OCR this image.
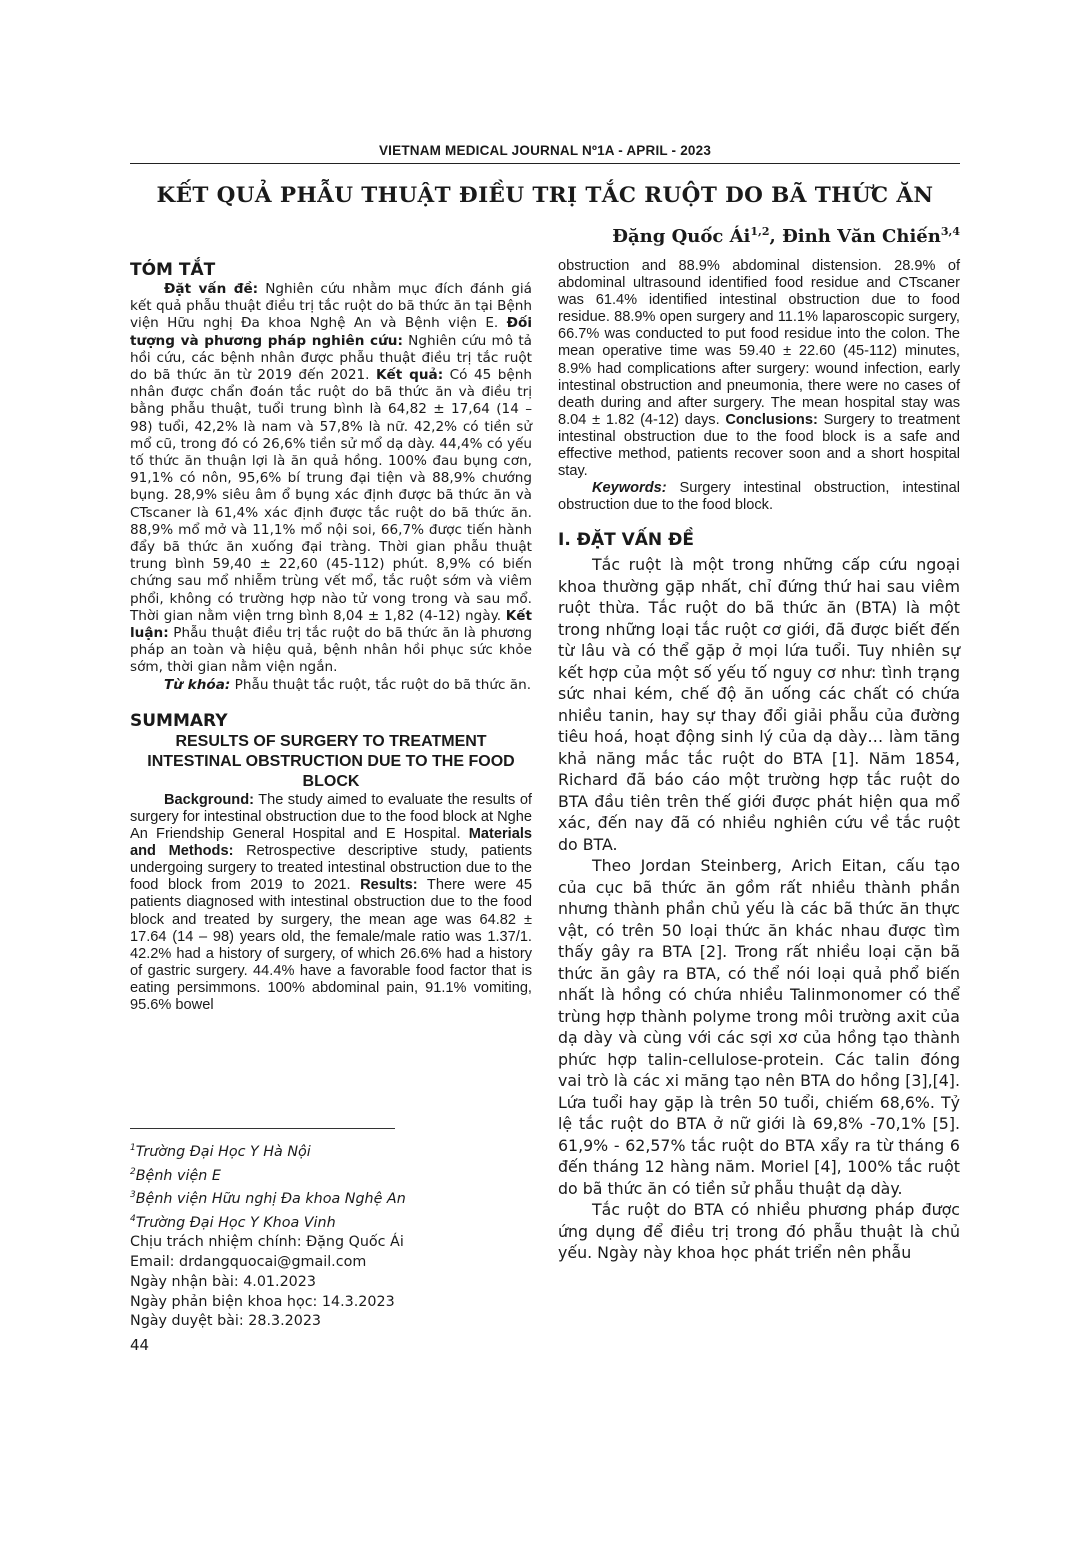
VIETNAM MEDICAL JOURNAL Nº1A - APRIL - 2023
KẾT QUẢ PHẪU THUẬT ĐIỀU TRỊ TẮC RUỘT DO BÃ THỨC ĂN
Đặng Quốc Ái$^{1,2}$, Đinh Văn Chiến$^{3,4}$
TÓM TẮT

Đặt vấn đề: Nghiên cứu nhằm mục đích đánh giá kết quả phẫu thuật điều trị tắc ruột do bã thức ăn tại Bệnh viện Hữu nghị Đa khoa Nghệ An và Bệnh viện E. Đối tượng và phương pháp nghiên cứu: Nghiên cứu mô tả hồi cứu, các bệnh nhân được phẫu thuật điều trị tắc ruột do bã thức ăn từ 2019 đến 2021. Kết quả: Có 45 bệnh nhân được chẩn đoán tắc ruột do bã thức ăn và điều trị bằng phẫu thuật, tuổi trung bình là 64,82 ± 17,64 (14 – 98) tuổi, 42,2% là nam và 57,8% là nữ. 42,2% có tiền sử mổ cũ, trong đó có 26,6% tiền sử mổ dạ dày. 44,4% có yếu tố thức ăn thuận lợi là ăn quả hồng. 100% đau bụng cơn, 91,1% có nôn, 95,6% bí trung đại tiện và 88,9% chướng bụng. 28,9% siêu âm ổ bụng xác định được bã thức ăn và CTscaner là 61,4% xác định được tắc ruột do bã thức ăn. 88,9% mổ mở và 11,1% mổ nội soi, 66,7% được tiến hành đẩy bã thức ăn xuống đại tràng. Thời gian phẫu thuật trung bình 59,40 ± 22,60 (45-112) phút. 8,9% có biến chứng sau mổ nhiễm trùng vết mổ, tắc ruột sớm và viêm phổi, không có trường hợp nào tử vong trong và sau mổ. Thời gian nằm viện trng bình 8,04 ± 1,82 (4-12) ngày. Kết luận: Phẫu thuật điều trị tắc ruột do bã thức ăn là phương pháp an toàn và hiệu quả, bệnh nhân hồi phục sức khỏe sớm, thời gian nằm viện ngắn.

Từ khóa: Phẫu thuật tắc ruột, tắc ruột do bã thức ăn.

SUMMARY

RESULTS OF SURGERY TO TREATMENT INTESTINAL OBSTRUCTION DUE TO THE FOOD BLOCK

Background: The study aimed to evaluate the results of surgery for intestinal obstruction due to the food block at Nghe An Friendship General Hospital and E Hospital. Materials and Methods: Retrospective descriptive study, patients undergoing surgery to treated intestinal obstruction due to the food block from 2019 to 2021. Results: There were 45 patients diagnosed with intestinal obstruction due to the food block and treated by surgery, the mean age was 64.82 ± 17.64 (14 – 98) years old, the female/male ratio was 1.37/1. 42.2% had a history of surgery, of which 26.6% had a history of gastric surgery. 44.4% have a favorable food factor that is eating persimmons. 100% abdominal pain, 91.1% vomiting, 95.6% bowel

$^1$Trường Đại Học Y Hà Nội

$^2$Bệnh viện E

$^3$Bệnh viện Hữu nghị Đa khoa Nghệ An

$^4$Trường Đại Học Y Khoa Vinh

Chịu trách nhiệm chính: Đặng Quốc Ái

Email: drdangquocai@gmail.com

Ngày nhận bài: 4.01.2023

Ngày phản biện khoa học: 14.3.2023

Ngày duyệt bài: 28.3.2023

44

obstruction and 88.9% abdominal distension. 28.9% of abdominal ultrasound identified food residue and CTscaner was 61.4% identified intestinal obstruction due to food residue. 88.9% open surgery and 11.1% laparoscopic surgery, 66.7% was conducted to put food residue into the colon. The mean operative time was 59.40 ± 22.60 (45-112) minutes, 8.9% had complications after surgery: wound infection, early intestinal obstruction and pneumonia, there were no cases of death during and after surgery. The mean hospital stay was 8.04 ± 1.82 (4-12) days. Conclusions: Surgery to treatment intestinal obstruction due to the food block is a safe and effective method, patients recover soon and a short hospital stay.

Keywords: Surgery intestinal obstruction, intestinal obstruction due to the food block.

I. ĐẶT VẤN ĐỀ

Tắc ruột là một trong những cấp cứu ngoại khoa thường gặp nhất, chỉ đứng thứ hai sau viêm ruột thừa. Tắc ruột do bã thức ăn (BTA) là một trong những loại tắc ruột cơ giới, đã được biết đến từ lâu và có thể gặp ở mọi lứa tuổi. Tuy nhiên sự kết hợp của một số yếu tố nguy cơ như: tình trạng sức nhai kém, chế độ ăn uống các chất có chứa nhiều tanin, hay sự thay đổi giải phẫu của đường tiêu hoá, hoạt động sinh lý của dạ dày… làm tăng khả năng mắc tắc ruột do BTA [1]. Năm 1854, Richard đã báo cáo một trường hợp tắc ruột do BTA đầu tiên trên thế giới được phát hiện qua mổ xác, đến nay đã có nhiều nghiên cứu về tắc ruột do BTA.

Theo Jordan Steinberg, Arich Eitan, cấu tạo của cục bã thức ăn gồm rất nhiều thành phần nhưng thành phần chủ yếu là các bã thức ăn thực vật, có trên 50 loại thức ăn khác nhau được tìm thấy gây ra BTA [2]. Trong rất nhiều loại cặn bã thức ăn gây ra BTA, có thể nói loại quả phổ biến nhất là hồng có chứa nhiều Talinmonomer có thể trùng hợp thành polyme trong môi trường axit của dạ dày và cùng với các sợi xơ của hồng tạo thành phức hợp talin-cellulose-protein. Các talin đóng vai trò là các xi măng tạo nên BTA do hồng [3],[4]. Lứa tuổi hay gặp là trên 50 tuổi, chiếm 68,6%. Tỷ lệ tắc ruột do BTA ở nữ giới là 69,8% -70,1% [5]. 61,9% - 62,57% tắc ruột do BTA xẩy ra từ tháng 6 đến tháng 12 hàng năm. Moriel [4], 100% tắc ruột do bã thức ăn có tiền sử phẫu thuật dạ dày.

Tắc ruột do BTA có nhiều phương pháp được ứng dụng để điều trị trong đó phẫu thuật là chủ yếu. Ngày này khoa học phát triển nên phẫu
